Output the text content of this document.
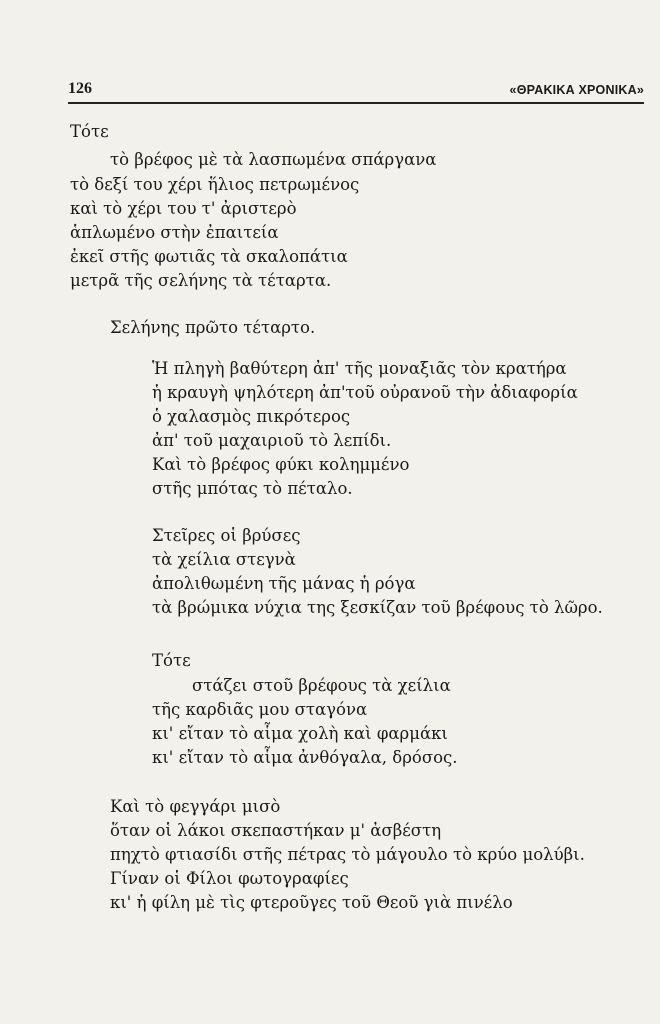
126	«ΘΡΑΚΙΚΑ ΧΡΟΝΙΚΑ»
Τότε
τὸ βρέφος μὲ τὰ λασπωμένα σπάργανα
τὸ δεξί του χέρι ἥλιος πετρωμένος
καὶ τὸ χέρι του τ' ἀριστερὸ
ἁπλωμένο στὴν ἐπαιτεία
ἐκεῖ στῆς φωτιᾶς τὰ σκαλοπάτια
μετρᾶ τῆς σελήνης τὰ τέταρτα.
Σελήνης πρῶτο τέταρτο.
Ἡ πληγὴ βαθύτερη ἀπ' τῆς μοναξιᾶς τὸν κρατήρα
ἡ κραυγὴ ψηλότερη ἀπ'τοῦ οὐρανοῦ τὴν ἀδιαφορία
ὁ χαλασμὸς πικρότερος
ἀπ' τοῦ μαχαιριοῦ τὸ λεπίδι.
Καὶ τὸ βρέφος φύκι κολημμένο
στῆς μπότας τὸ πέταλο.
Στεῖρες οἱ βρύσες
τὰ χείλια στεγνὰ
ἀπολιθωμένη τῆς μάνας ἡ ρόγα
τὰ βρώμικα νύχια της ξεσκίζαν τοῦ βρέφους τὸ λῶρο.
Τότε
στάζει στοῦ βρέφους τὰ χείλια
τῆς καρδιᾶς μου σταγόνα
κι' εἴταν τὸ αἷμα χολὴ καὶ φαρμάκι
κι' εἴταν τὸ αἷμα ἀνθόγαλα, δρόσος.
Καὶ τὸ φεγγάρι μισὸ
ὅταν οἱ λάκοι σκεπαστήκαν μ' ἀσβέστη
πηχτὸ φτιασίδι στῆς πέτρας τὸ μάγουλο τὸ κρύο μολύβι.
Γίναν οἱ Φίλοι φωτογραφίες
κι' ἡ φίλη μὲ τὶς φτεροῦγες τοῦ Θεοῦ γιὰ πινέλο
